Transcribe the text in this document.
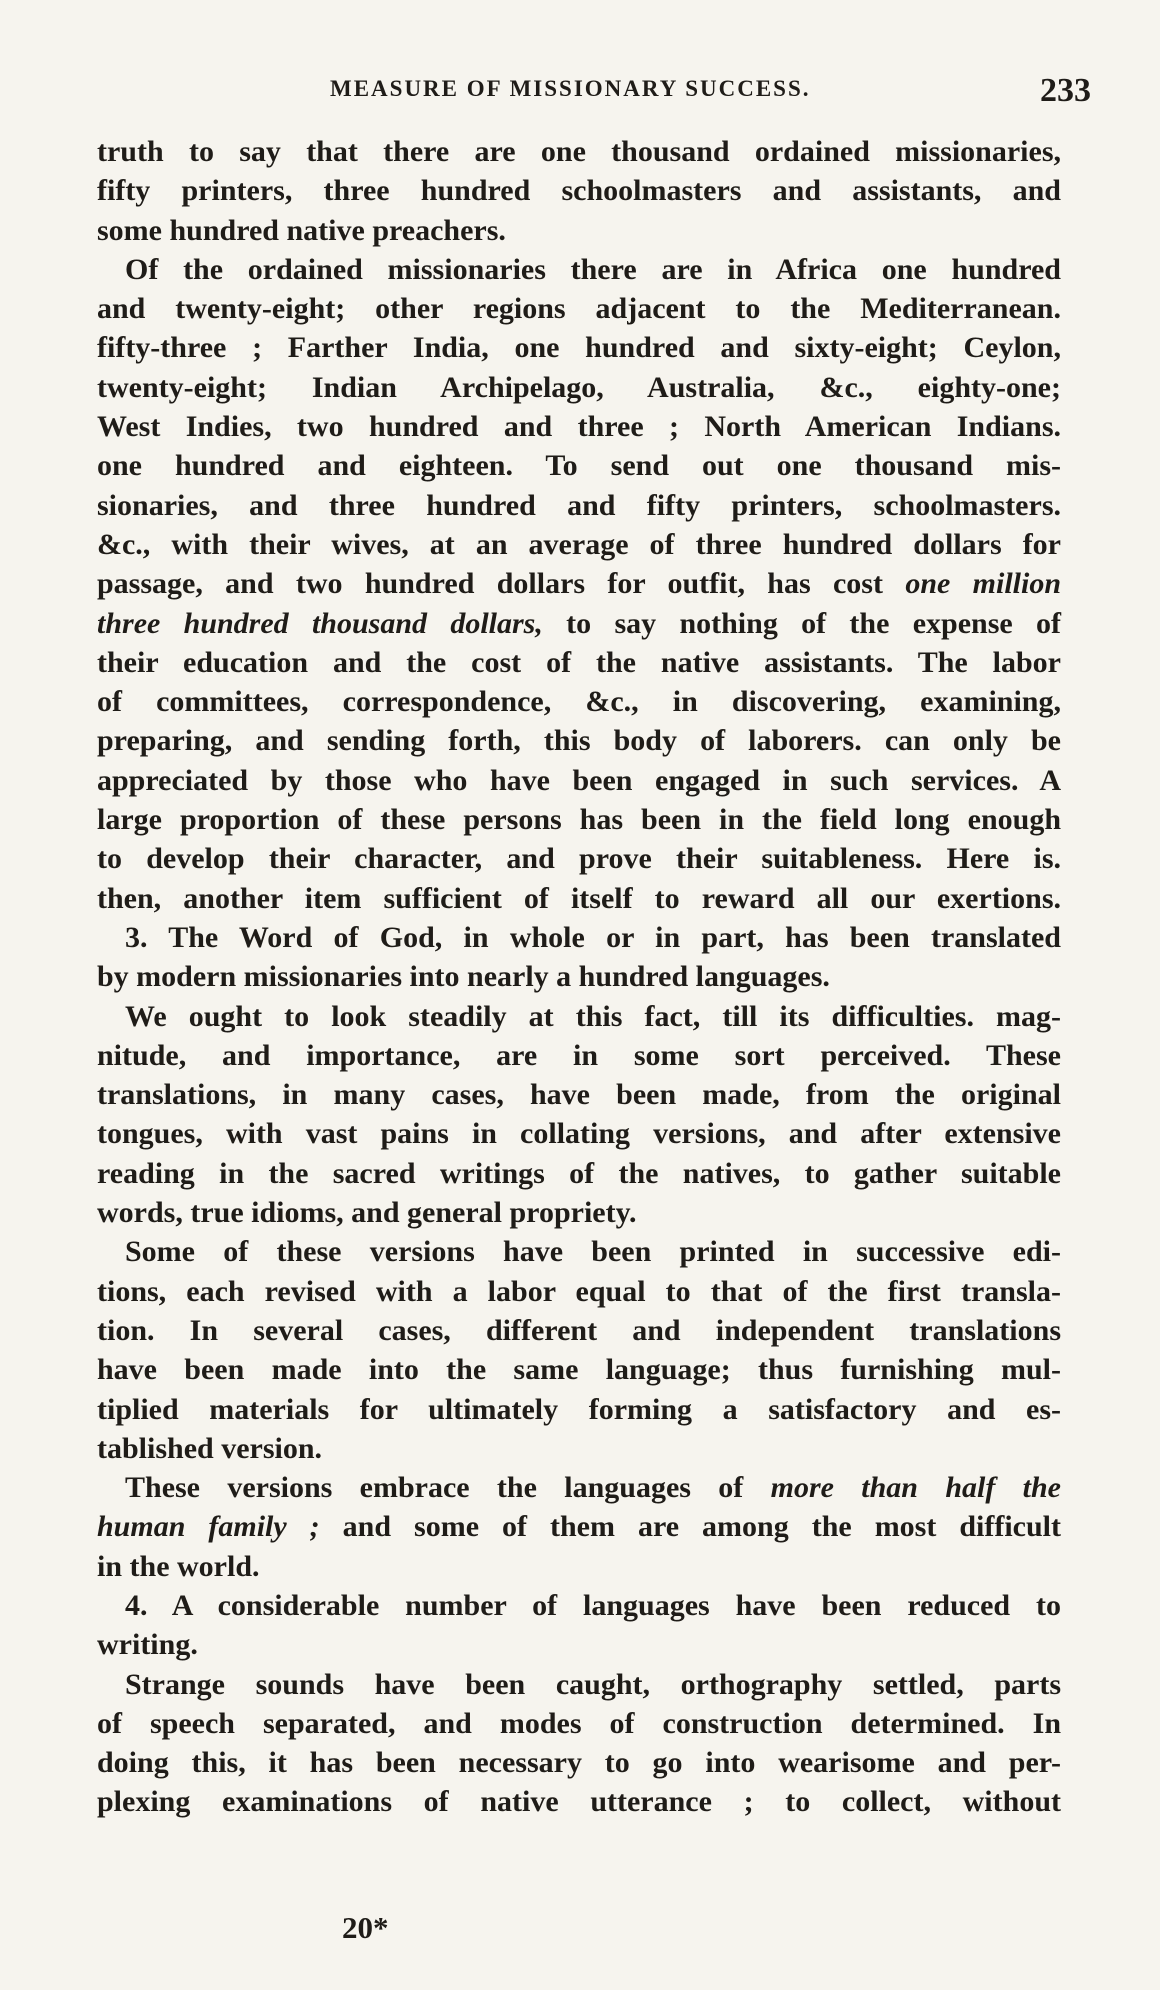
MEASURE OF MISSIONARY SUCCESS.	233
truth to say that there are one thousand ordained missionaries,
fifty printers, three hundred schoolmasters and assistants, and
some hundred native preachers.
Of the ordained missionaries there are in Africa one hundred
and twenty-eight; other regions adjacent to the Mediterranean.
fifty-three ; Farther India, one hundred and sixty-eight; Ceylon,
twenty-eight; Indian Archipelago, Australia, &c., eighty-one;
West Indies, two hundred and three ; North American Indians.
one hundred and eighteen. To send out one thousand mis-
sionaries, and three hundred and fifty printers, schoolmasters.
&c., with their wives, at an average of three hundred dollars for
passage, and two hundred dollars for outfit, has cost one million
three hundred thousand dollars, to say nothing of the expense of
their education and the cost of the native assistants. The labor
of committees, correspondence, &c., in discovering, examining,
preparing, and sending forth, this body of laborers. can only be
appreciated by those who have been engaged in such services. A
large proportion of these persons has been in the field long enough
to develop their character, and prove their suitableness. Here is.
then, another item sufficient of itself to reward all our exertions.
3. The Word of God, in whole or in part, has been translated
by modern missionaries into nearly a hundred languages.
We ought to look steadily at this fact, till its difficulties. mag-
nitude, and importance, are in some sort perceived. These
translations, in many cases, have been made, from the original
tongues, with vast pains in collating versions, and after extensive
reading in the sacred writings of the natives, to gather suitable
words, true idioms, and general propriety.
Some of these versions have been printed in successive edi-
tions, each revised with a labor equal to that of the first transla-
tion. In several cases, different and independent translations
have been made into the same language; thus furnishing mul-
tiplied materials for ultimately forming a satisfactory and es-
tablished version.
These versions embrace the languages of more than half the
human family ; and some of them are among the most difficult
in the world.
4. A considerable number of languages have been reduced to
writing.
Strange sounds have been caught, orthography settled, parts
of speech separated, and modes of construction determined. In
doing this, it has been necessary to go into wearisome and per-
plexing examinations of native utterance ; to collect, without
20*
